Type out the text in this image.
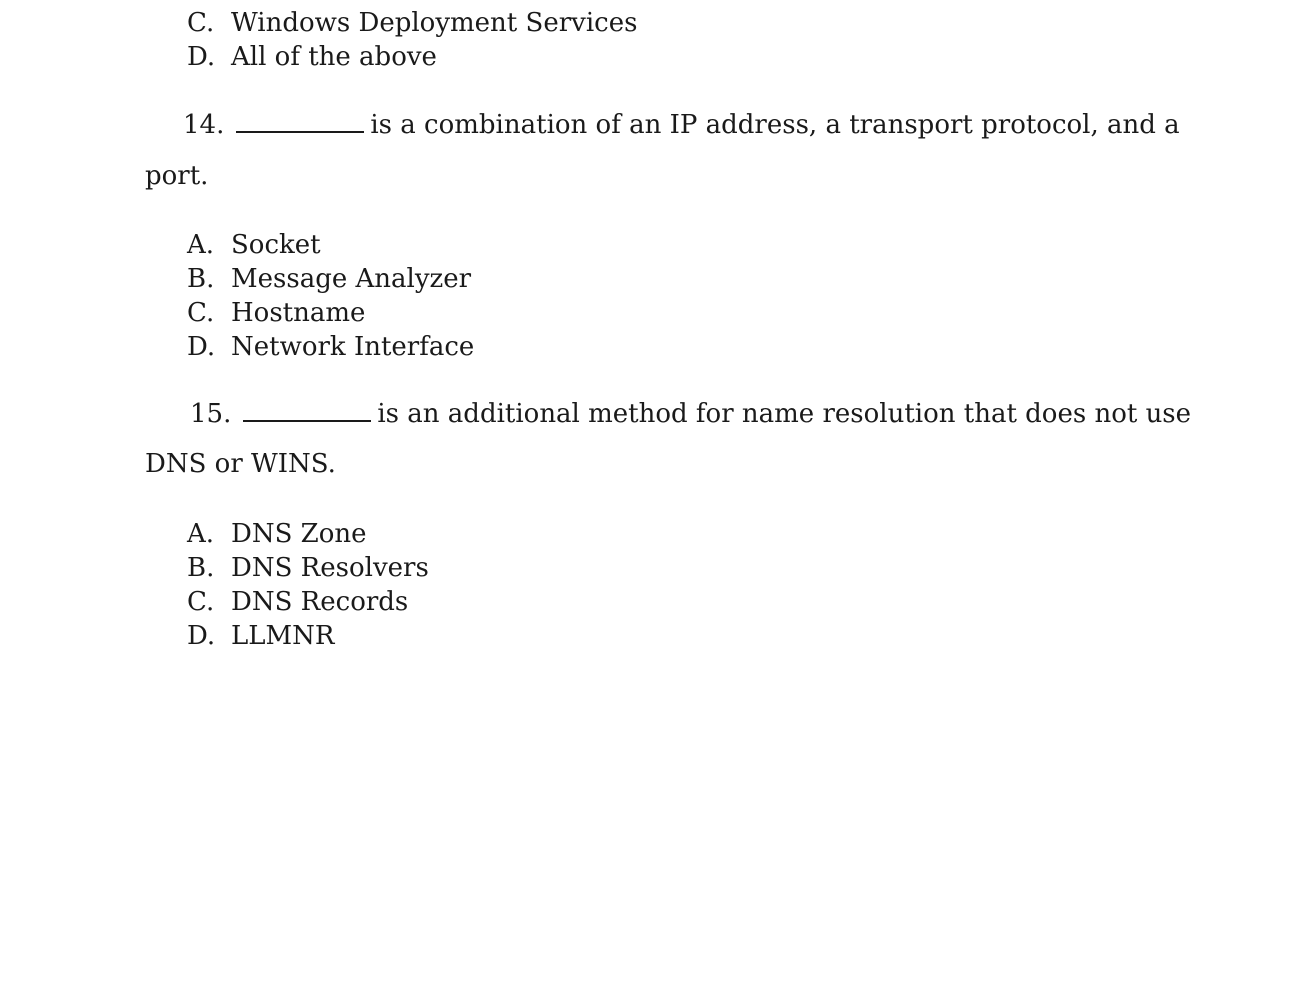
C. Windows Deployment Services
D. All of the above
14.	is a combination of an IP address, a transport protocol, and a
port.
A. Socket
B. Message Analyzer
C. Hostname
D. Network Interface
15.	is an additional method for name resolution that does not use
DNS or WINS.
A. DNS Zone
B. DNS Resolvers
C. DNS Records
D. LLMNR
